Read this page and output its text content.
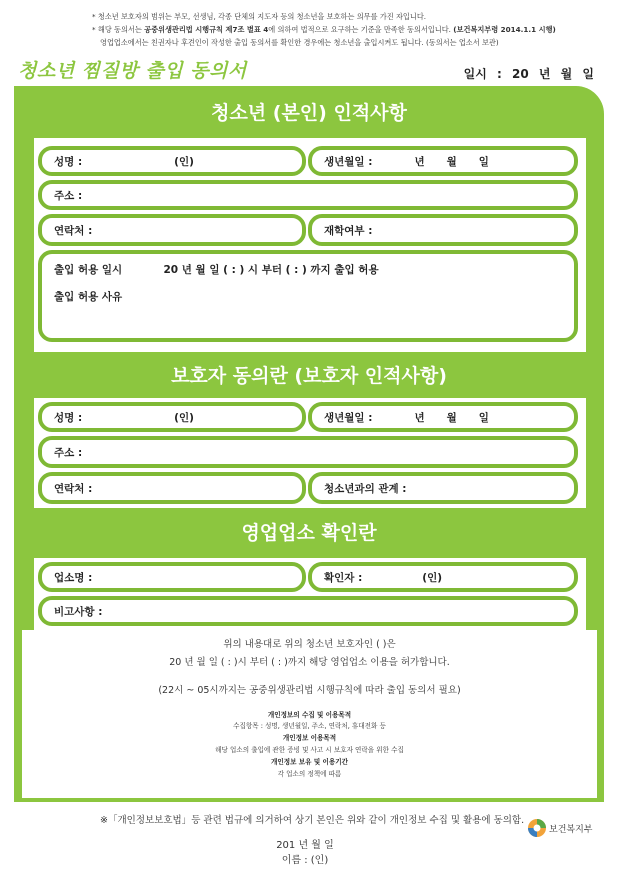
* 청소년 보호자의 범위는 부모, 선생님, 각종 단체의 지도자 등의 청소년을 보호하는 의무를 가진 자입니다.
* 해당 동의서는 공중위생관리법 시행규칙 제7조 별표 4에 의하여 법적으로 요구하는 기준을 만족한 동의서입니다. (보건복지부령 2014.1.1 시행)
영업업소에서는 친권자나 후견인이 작성한 출입 동의서를 확인한 경우에는 청소년을 출입시켜도 됩니다. (동의서는 업소서 보관)
청소년 찜질방 출입 동의서	일시 : 20 년 월 일
청소년 (본인) 인적사항
성명 :	(인)	생년월일 :	년 월 일
주소 :
연락처 :	재학여부 :
출입 허용 일시	20 년 월 일 ( : ) 시 부터 ( : ) 까지 출입 허용
출입 허용 사유
보호자 동의란 (보호자 인적사항)
성명 :	(인)	생년월일 :	년 월 일
주소 :
연락처 :	청소년과의 관계 :
영업업소 확인란
업소명 :	확인자 :	(인)
비고사항 :
위의 내용대로 위의 청소년 보호자인 ( )은
20 년 월 일 ( : )시 부터 ( : )까지 해당 영업업소 이용을 허가합니다.
(22시 ~ 05시까지는 공중위생관리법 시행규칙에 따라 출입 동의서 필요)
개인정보의 수집 및 이용목적
수집항목 : 성명, 생년월일, 주소, 연락처, 휴대전화 등
개인정보 이용목적
해당 업소의 출입에 관한 증빙 및 사고 시 보호자 연락을 위한 수집
개인정보 보유 및 이용기간
각 업소의 정책에 따름
※「개인정보보호법」등 관련 법규에 의거하여 상기 본인은 위와 같이 개인정보 수집 및 활용에 동의함.
보건복지부
201 년 월 일
이름 : (인)
